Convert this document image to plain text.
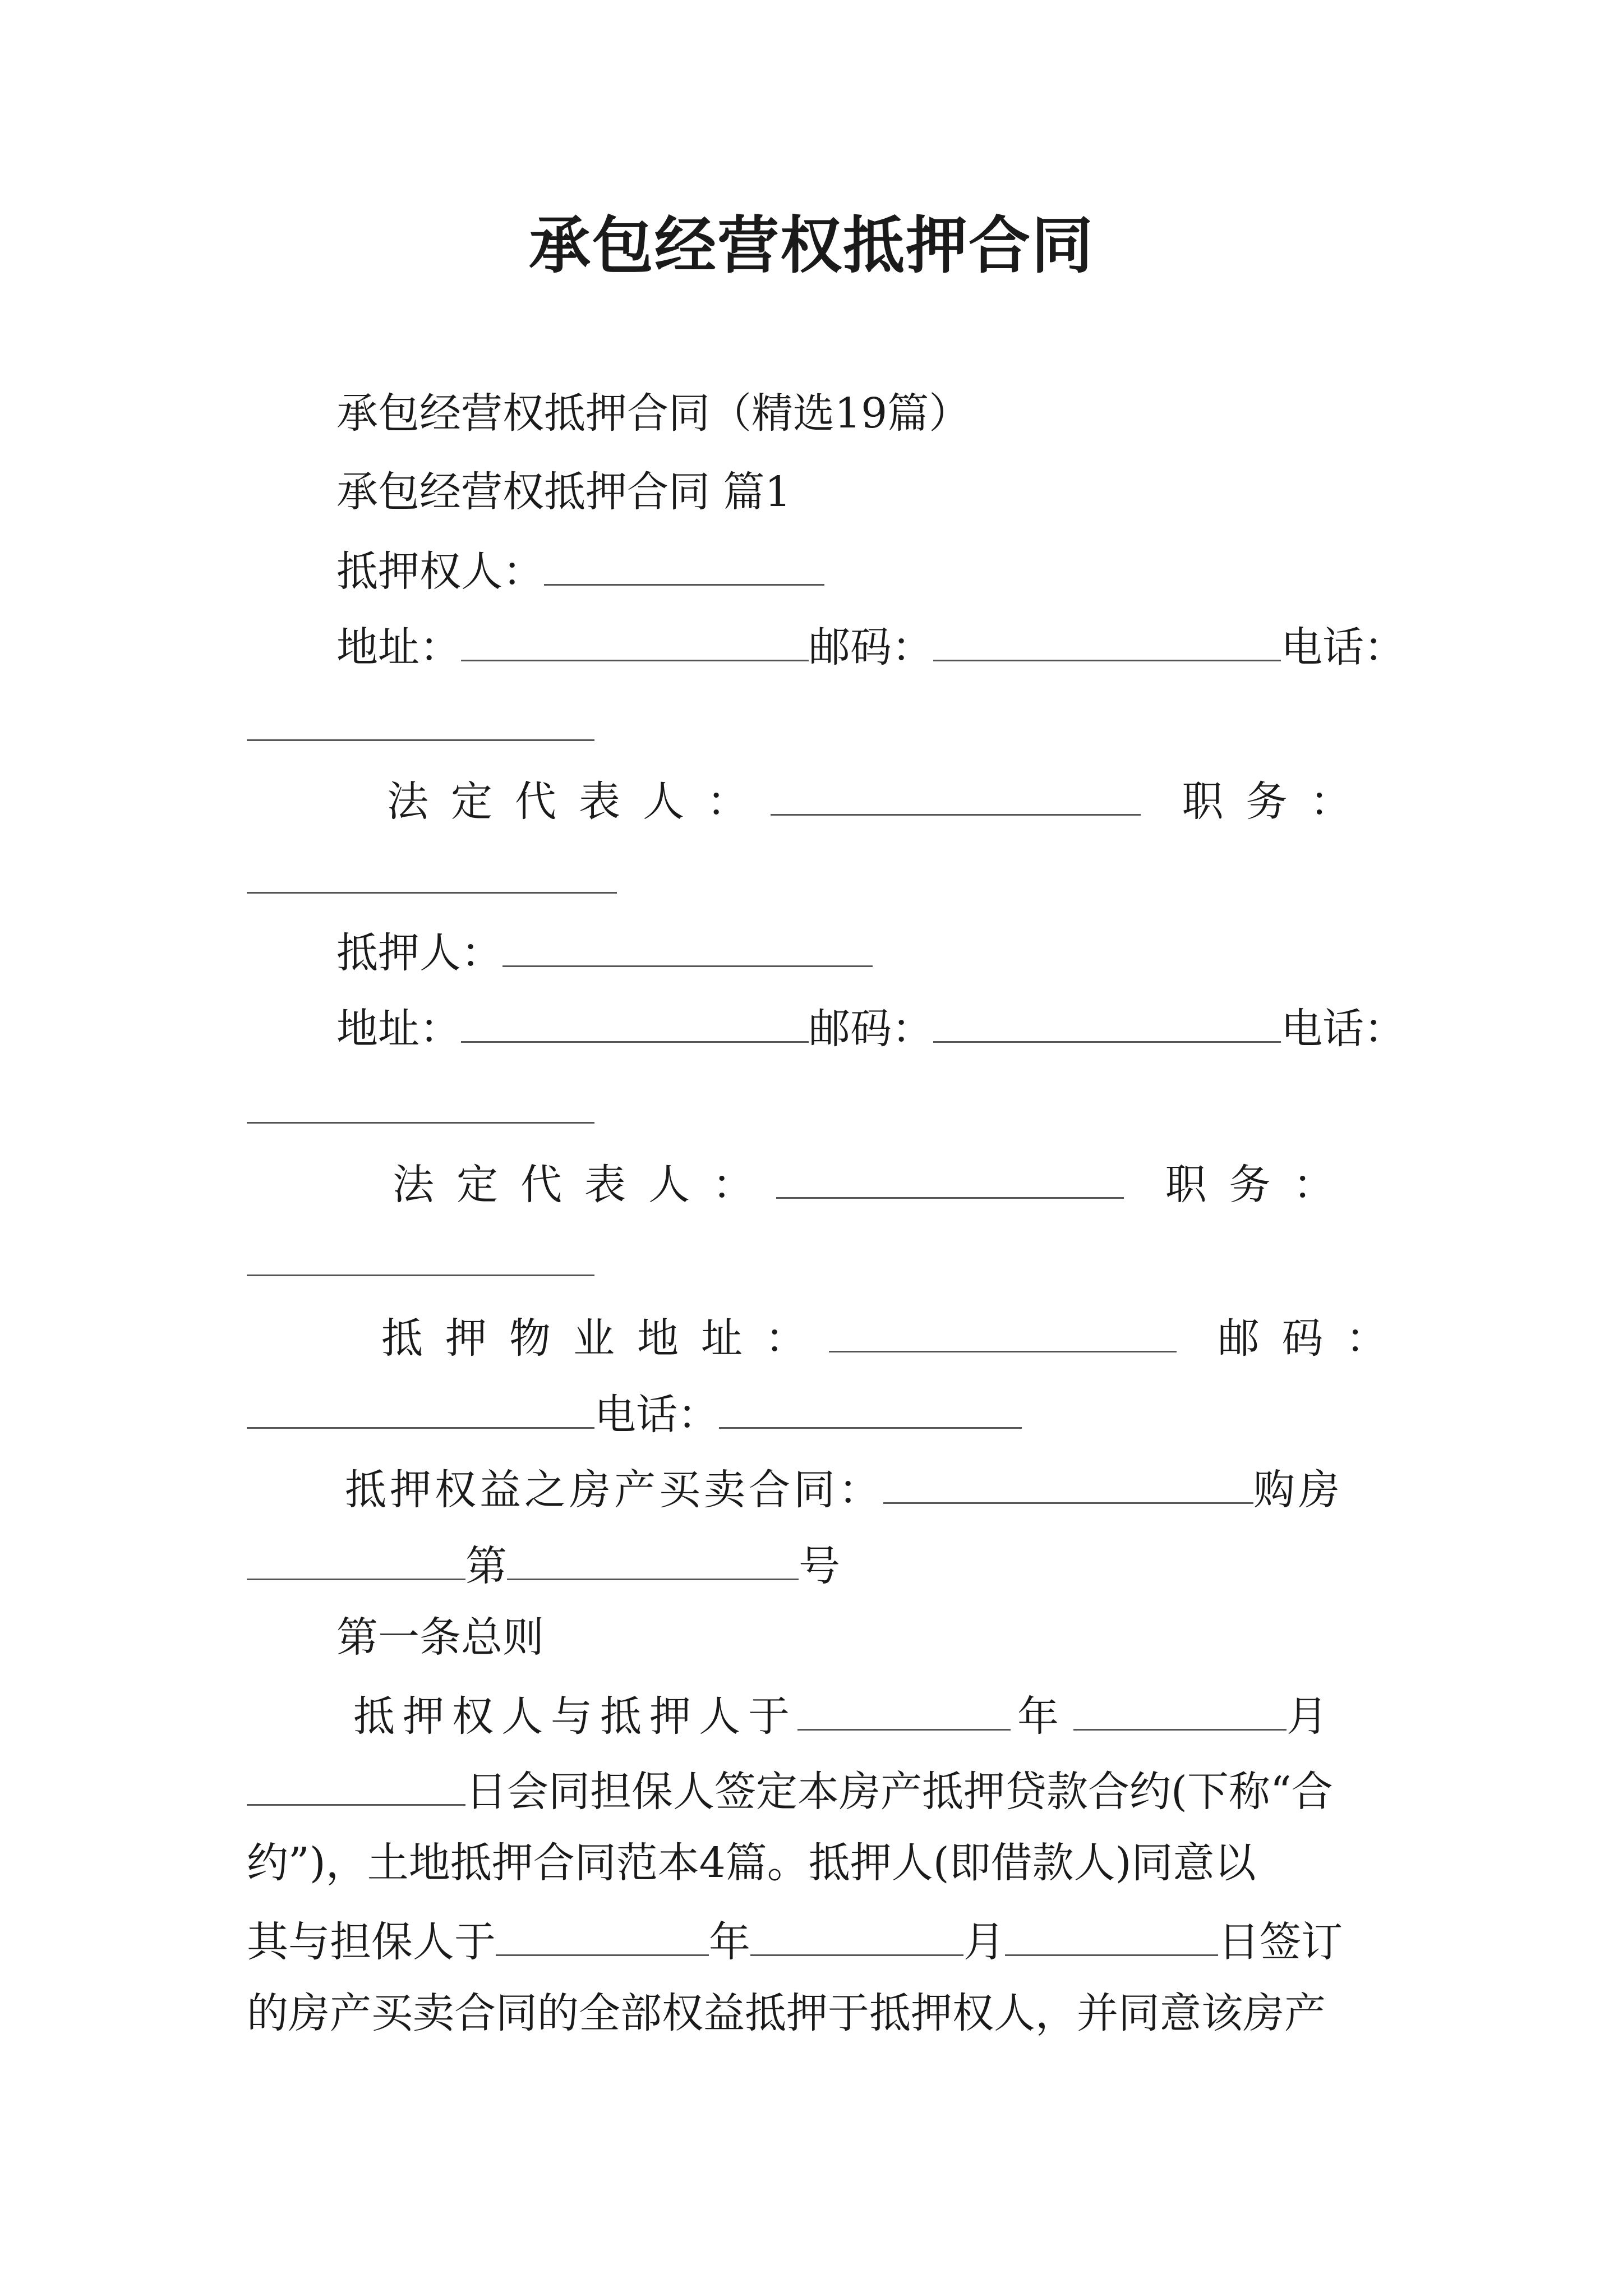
承包经营权抵押合同
承包经营权抵押合同（精选19篇）
承包经营权抵押合同 篇1
抵押权人：
地址：	邮码：	电话：
法定代表人：	职务：
抵押人：
地址：	邮码：	电话：
法定代表人：	职务：
抵押物业地址：	邮码：
电话：
抵押权益之房产买卖合同：	购房
第	号
第一条总则
抵押权人与抵押人于	年	月
日会同担保人签定本房产抵押贷款合约(下称“合
约”)，土地抵押合同范本4篇。抵押人(即借款人)同意以
其与担保人于	年	月	日签订
的房产买卖合同的全部权益抵押于抵押权人，并同意该房产
